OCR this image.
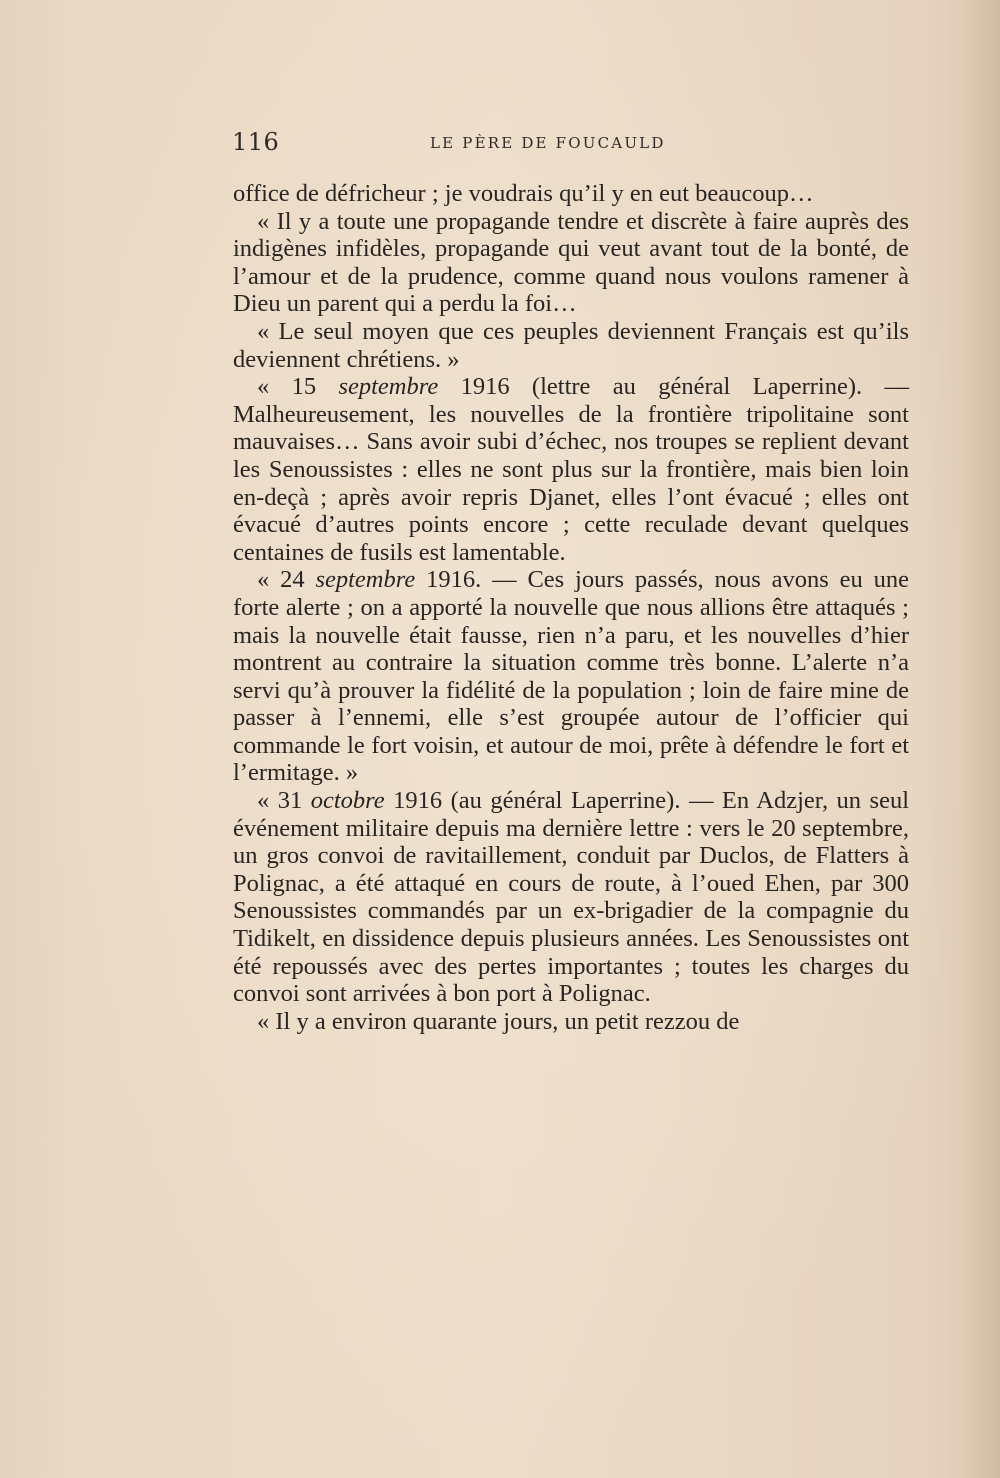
116	LE PÈRE DE FOUCAULD

office de défricheur ; je voudrais qu’il y en eut beaucoup…

« Il y a toute une propagande tendre et discrète à faire auprès des indigènes infidèles, propagande qui veut avant tout de la bonté, de l’amour et de la prudence, comme quand nous voulons ramener à Dieu un parent qui a perdu la foi…

« Le seul moyen que ces peuples deviennent Français est qu’ils deviennent chrétiens. »

« 15 septembre 1916 (lettre au général Laperrine). — Malheureusement, les nouvelles de la frontière tripolitaine sont mauvaises… Sans avoir subi d’échec, nos troupes se replient devant les Senoussistes : elles ne sont plus sur la frontière, mais bien loin en-deçà ; après avoir repris Djanet, elles l’ont évacué ; elles ont évacué d’autres points encore ; cette reculade devant quelques centaines de fusils est lamentable.

« 24 septembre 1916. — Ces jours passés, nous avons eu une forte alerte ; on a apporté la nouvelle que nous allions être attaqués ; mais la nouvelle était fausse, rien n’a paru, et les nouvelles d’hier montrent au contraire la situation comme très bonne. L’alerte n’a servi qu’à prouver la fidélité de la population ; loin de faire mine de passer à l’ennemi, elle s’est groupée autour de l’officier qui commande le fort voisin, et autour de moi, prête à défendre le fort et l’ermitage. »

« 31 octobre 1916 (au général Laperrine). — En Adzjer, un seul événement militaire depuis ma dernière lettre : vers le 20 septembre, un gros convoi de ravitaillement, conduit par Duclos, de Flatters à Polignac, a été attaqué en cours de route, à l’oued Ehen, par 300 Senoussistes commandés par un ex-brigadier de la compagnie du Tidikelt, en dissidence depuis plusieurs années. Les Senoussistes ont été repoussés avec des pertes importantes ; toutes les charges du convoi sont arrivées à bon port à Polignac.

« Il y a environ quarante jours, un petit rezzou de
